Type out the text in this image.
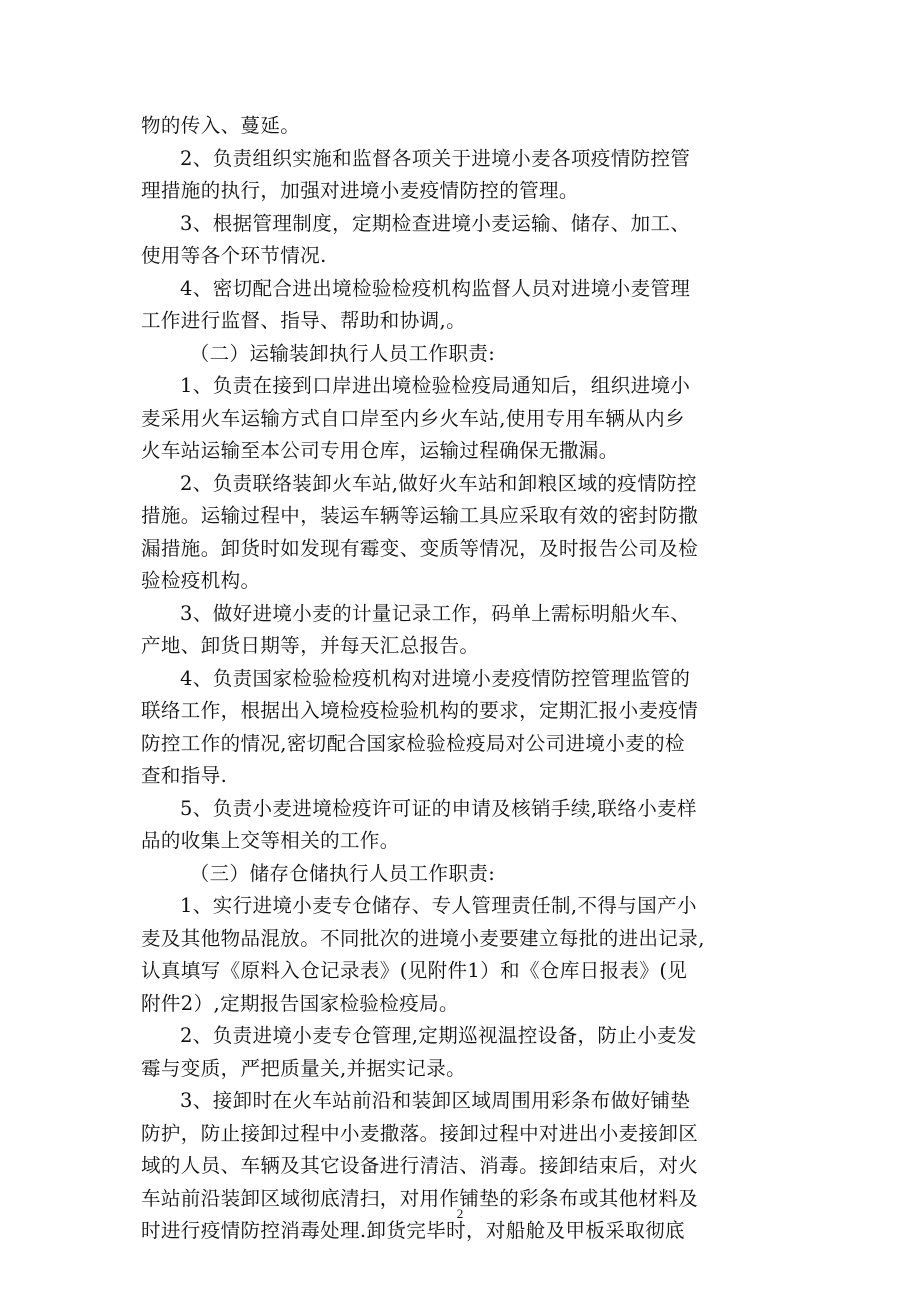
物的传入、蔓延。

2、负责组织实施和监督各项关于进境小麦各项疫情防控管
理措施的执行，加强对进境小麦疫情防控的管理。

3、根据管理制度，定期检查进境小麦运输、储存、加工、
使用等各个环节情况.

4、密切配合进出境检验检疫机构监督人员对进境小麦管理
工作进行监督、指导、帮助和协调,。

（二）运输装卸执行人员工作职责:

1、负责在接到口岸进出境检验检疫局通知后，组织进境小
麦采用火车运输方式自口岸至内乡火车站,使用专用车辆从内乡
火车站运输至本公司专用仓库，运输过程确保无撒漏。

2、负责联络装卸火车站,做好火车站和卸粮区域的疫情防控
措施。运输过程中，装运车辆等运输工具应采取有效的密封防撒
漏措施。卸货时如发现有霉变、变质等情况，及时报告公司及检
验检疫机构。

3、做好进境小麦的计量记录工作，码单上需标明船火车、
产地、卸货日期等，并每天汇总报告。

4、负责国家检验检疫机构对进境小麦疫情防控管理监管的
联络工作，根据出入境检疫检验机构的要求，定期汇报小麦疫情
防控工作的情况,密切配合国家检验检疫局对公司进境小麦的检
查和指导.

5、负责小麦进境检疫许可证的申请及核销手续,联络小麦样
品的收集上交等相关的工作。

（三）储存仓储执行人员工作职责:

1、实行进境小麦专仓储存、专人管理责任制,不得与国产小
麦及其他物品混放。不同批次的进境小麦要建立每批的进出记录,
认真填写《原料入仓记录表》(见附件1）和《仓库日报表》(见
附件2）,定期报告国家检验检疫局。

2、负责进境小麦专仓管理,定期巡视温控设备，防止小麦发
霉与变质，严把质量关,并据实记录。

3、接卸时在火车站前沿和装卸区域周围用彩条布做好铺垫
防护，防止接卸过程中小麦撒落。接卸过程中对进出小麦接卸区
域的人员、车辆及其它设备进行清洁、消毒。接卸结束后，对火
车站前沿装卸区域彻底清扫，对用作铺垫的彩条布或其他材料及
时进行疫情防控消毒处理.卸货完毕时，对船舱及甲板采取彻底

2
